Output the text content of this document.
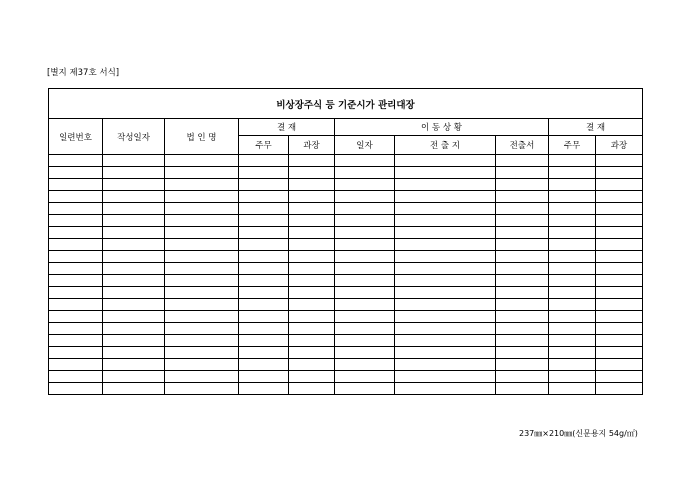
[별지 제37호 서식]
비상장주식 등 기준시가 관리대장									
일련번호	작성일자	법 인 명	결 재		이 동 상 황			결 재	
			주무	과장	일자	전 출 지	전출서	주무	과장

237㎜×210㎜(신문용지 54g/㎡)
